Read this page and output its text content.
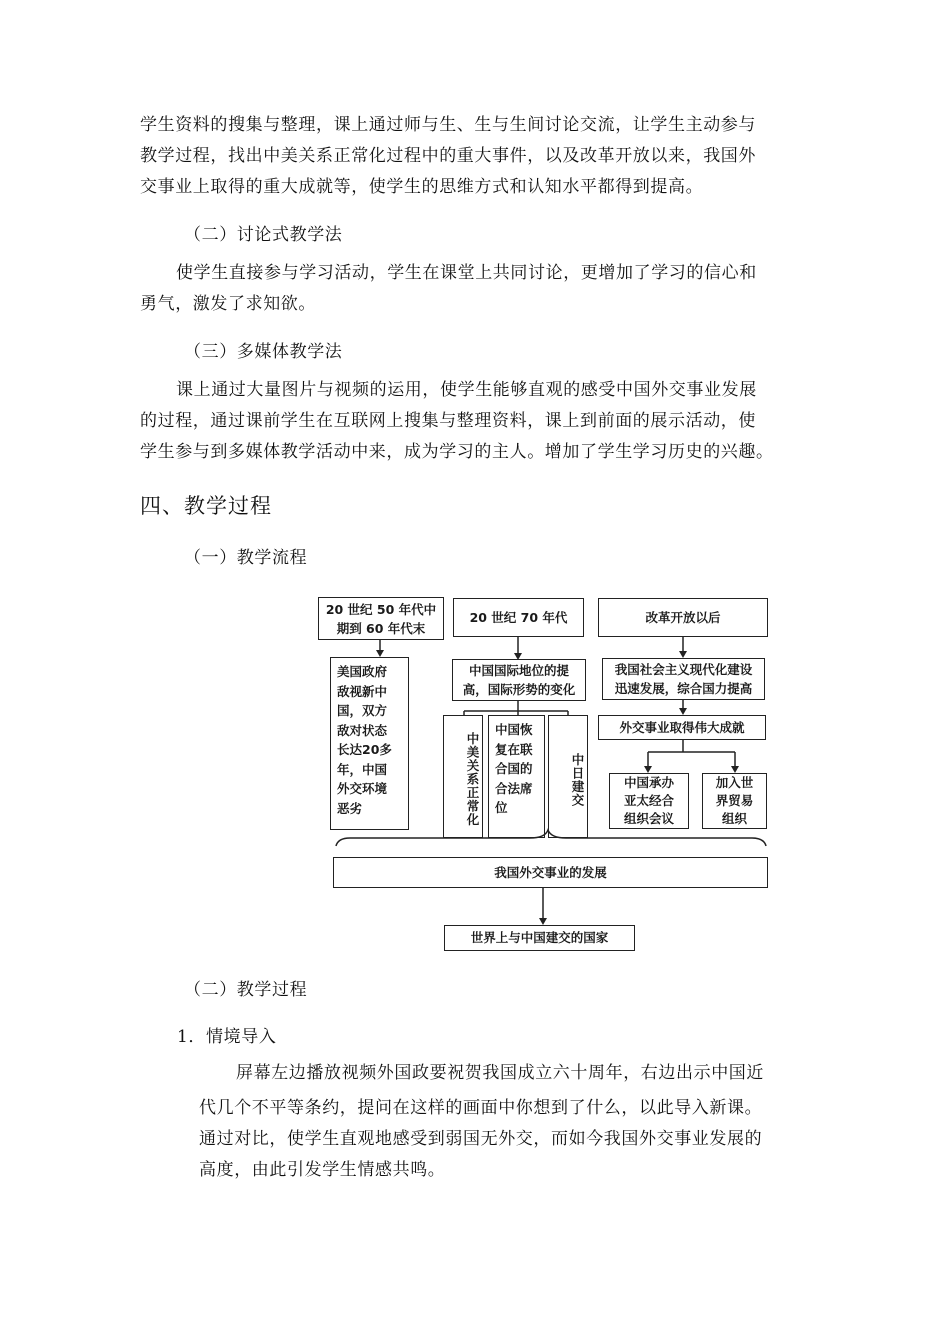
学生资料的搜集与整理，课上通过师与生、生与生间讨论交流，让学生主动参与
教学过程，找出中美关系正常化过程中的重大事件，以及改革开放以来，我国外
交事业上取得的重大成就等，使学生的思维方式和认知水平都得到提高。
（二）讨论式教学法
使学生直接参与学习活动，学生在课堂上共同讨论，更增加了学习的信心和
勇气，激发了求知欲。
（三）多媒体教学法
课上通过大量图片与视频的运用，使学生能够直观的感受中国外交事业发展
的过程，通过课前学生在互联网上搜集与整理资料，课上到前面的展示活动，使
学生参与到多媒体教学活动中来，成为学习的主人。增加了学生学习历史的兴趣。
四、教学过程
（一）教学流程
20 世纪 50 年代中
期到 60 年代末
美国政府
敌视新中
国，双方
敌对状态
长达20多
年，中国
外交环境
恶劣
20 世纪 70 年代
中国国际地位的提
高，国际形势的变化
中美关系正常化
中国恢
复在联
合国的
合法席
位
中日建交
改革开放以后
我国社会主义现代化建设
迅速发展，综合国力提高
外交事业取得伟大成就
中国承办
亚太经合
组织会议
加入世
界贸易
组织
我国外交事业的发展
世界上与中国建交的国家
（二）教学过程
1．情境导入
屏幕左边播放视频外国政要祝贺我国成立六十周年，右边出示中国近
代几个不平等条约，提问在这样的画面中你想到了什么，以此导入新课。
通过对比，使学生直观地感受到弱国无外交，而如今我国外交事业发展的
高度，由此引发学生情感共鸣。
